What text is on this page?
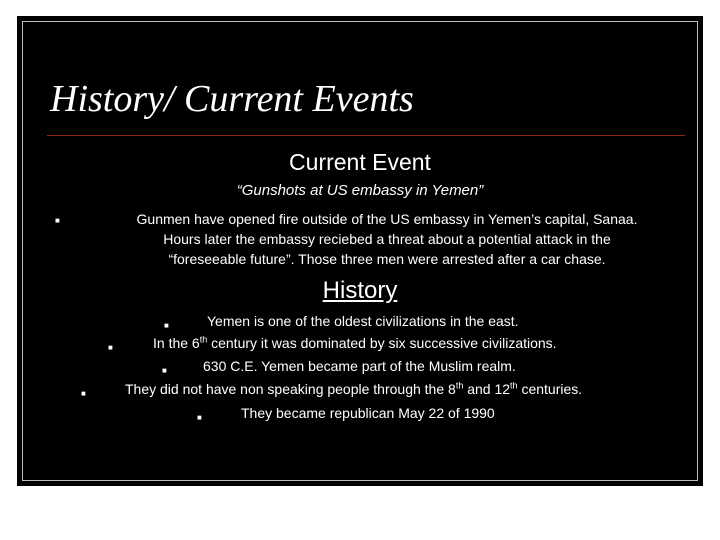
History/ Current Events
Current Event
“Gunshots at US embassy in Yemen”
■	Gunmen have opened fire outside of the US embassy in Yemen’s capital, Sanaa.
Hours later the embassy reciebed a threat about a potential attack in the
“foreseeable future”. Those three men were arrested after a car chase.
History
■	Yemen is one of the oldest civilizations in the east.
■	In the 6th century it was dominated by six successive civilizations.
■	630 C.E. Yemen became part of the Muslim realm.
■	They did not have non speaking people through the 8th and 12th centuries.
■	They became republican May 22 of 1990
